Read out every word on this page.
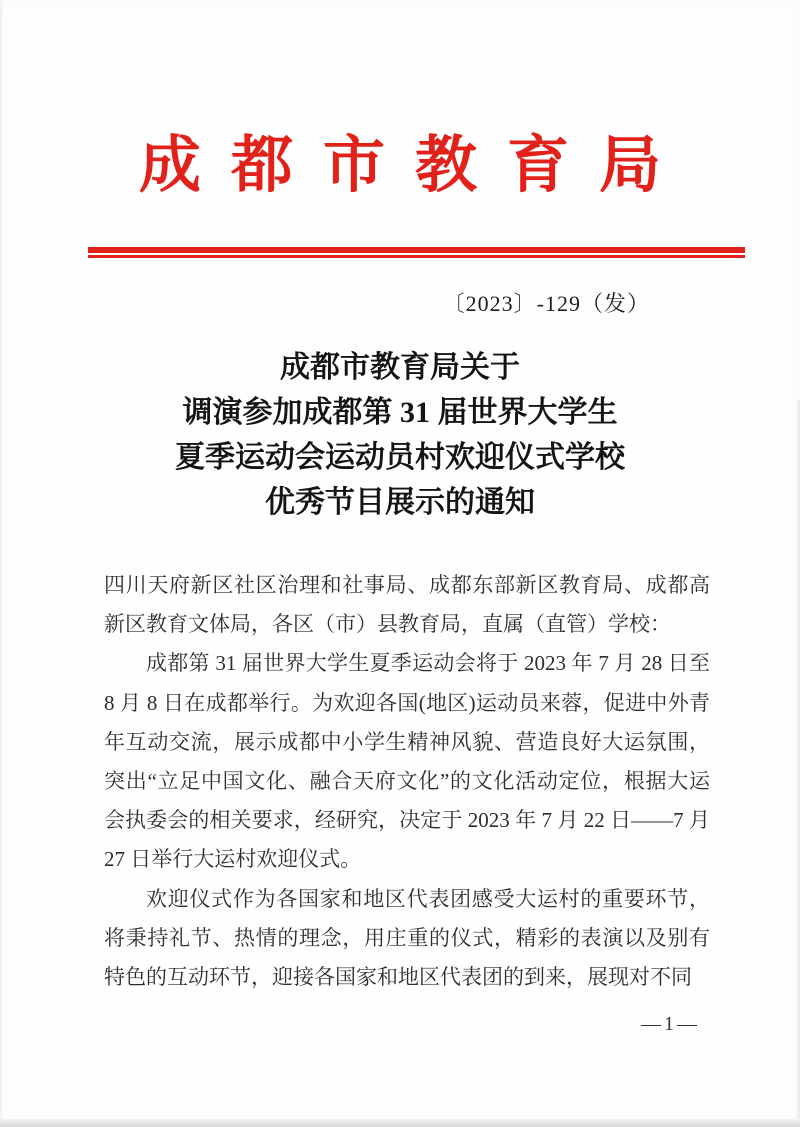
成都市教育局
〔2023〕-129（发）
成都市教育局关于
调演参加成都第 31 届世界大学生
夏季运动会运动员村欢迎仪式学校
优秀节目展示的通知

四川天府新区社区治理和社事局、成都东部新区教育局、成都高新区教育文体局，各区（市）县教育局，直属（直管）学校：

成都第 31 届世界大学生夏季运动会将于 2023 年 7 月 28 日至 8 月 8 日在成都举行。为欢迎各国(地区)运动员来蓉，促进中外青年互动交流，展示成都中小学生精神风貌、营造良好大运氛围，突出“立足中国文化、融合天府文化”的文化活动定位，根据大运会执委会的相关要求，经研究，决定于 2023 年 7 月 22 日——7 月 27 日举行大运村欢迎仪式。

欢迎仪式作为各国家和地区代表团感受大运村的重要环节，将秉持礼节、热情的理念，用庄重的仪式，精彩的表演以及别有特色的互动环节，迎接各国家和地区代表团的到来，展现对不同

—1—
